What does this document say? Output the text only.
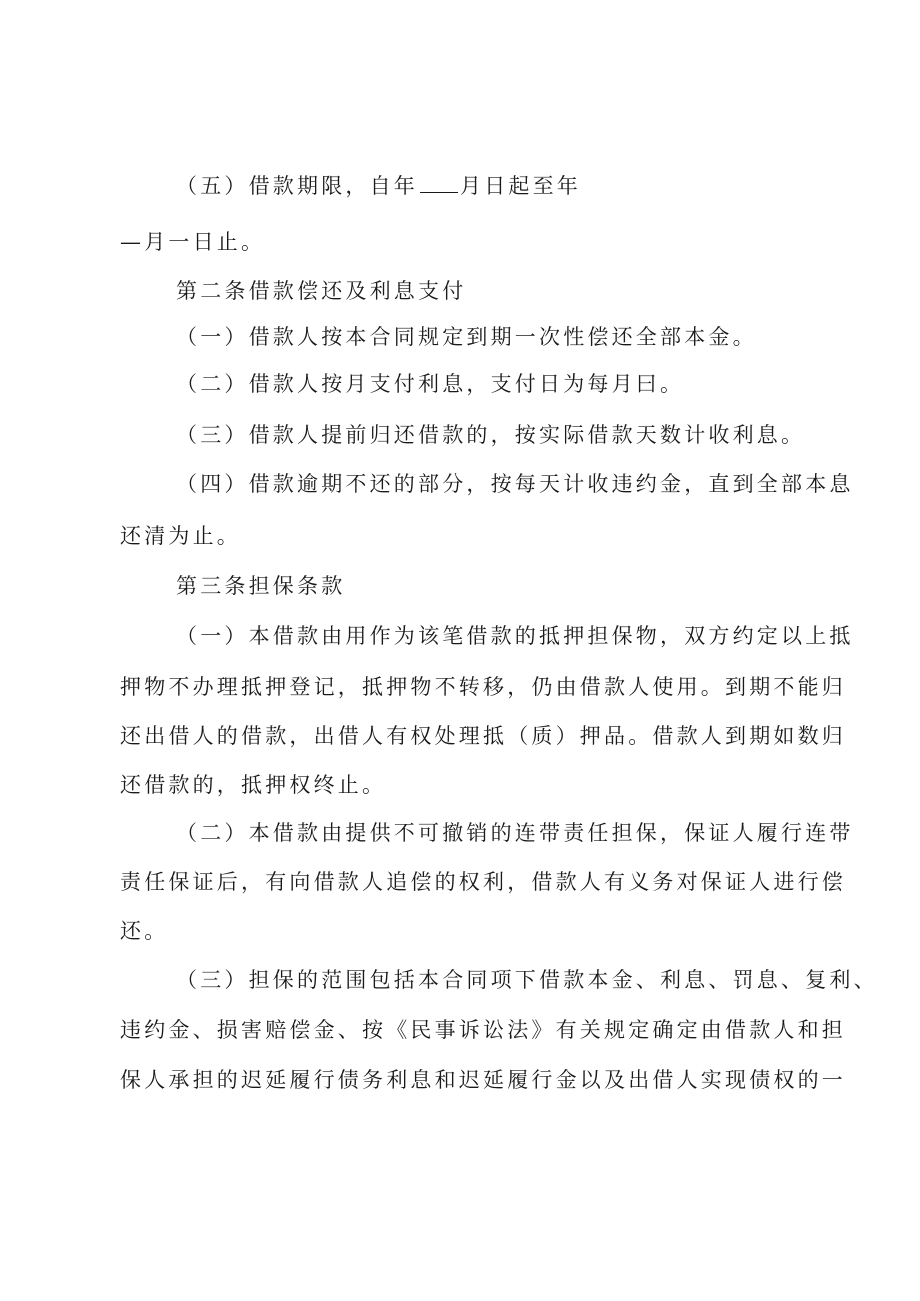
（五）借款期限，自年 月日起至年
—月一日止。
第二条借款偿还及利息支付
（一）借款人按本合同规定到期一次性偿还全部本金。
（二）借款人按月支付利息，支付日为每月曰。
（三）借款人提前归还借款的，按实际借款天数计收利息。
（四）借款逾期不还的部分，按每天计收违约金，直到全部本息
还清为止。
第三条担保条款
（一）本借款由用作为该笔借款的抵押担保物，双方约定以上抵
押物不办理抵押登记，抵押物不转移，仍由借款人使用。到期不能归
还出借人的借款，出借人有权处理抵（质）押品。借款人到期如数归
还借款的，抵押权终止。
（二）本借款由提供不可撤销的连带责任担保，保证人履行连带
责任保证后，有向借款人追偿的权利，借款人有义务对保证人进行偿
还。
（三）担保的范围包括本合同项下借款本金、利息、罚息、复利、
违约金、损害赔偿金、按《民事诉讼法》有关规定确定由借款人和担
保人承担的迟延履行债务利息和迟延履行金以及出借人实现债权的一
